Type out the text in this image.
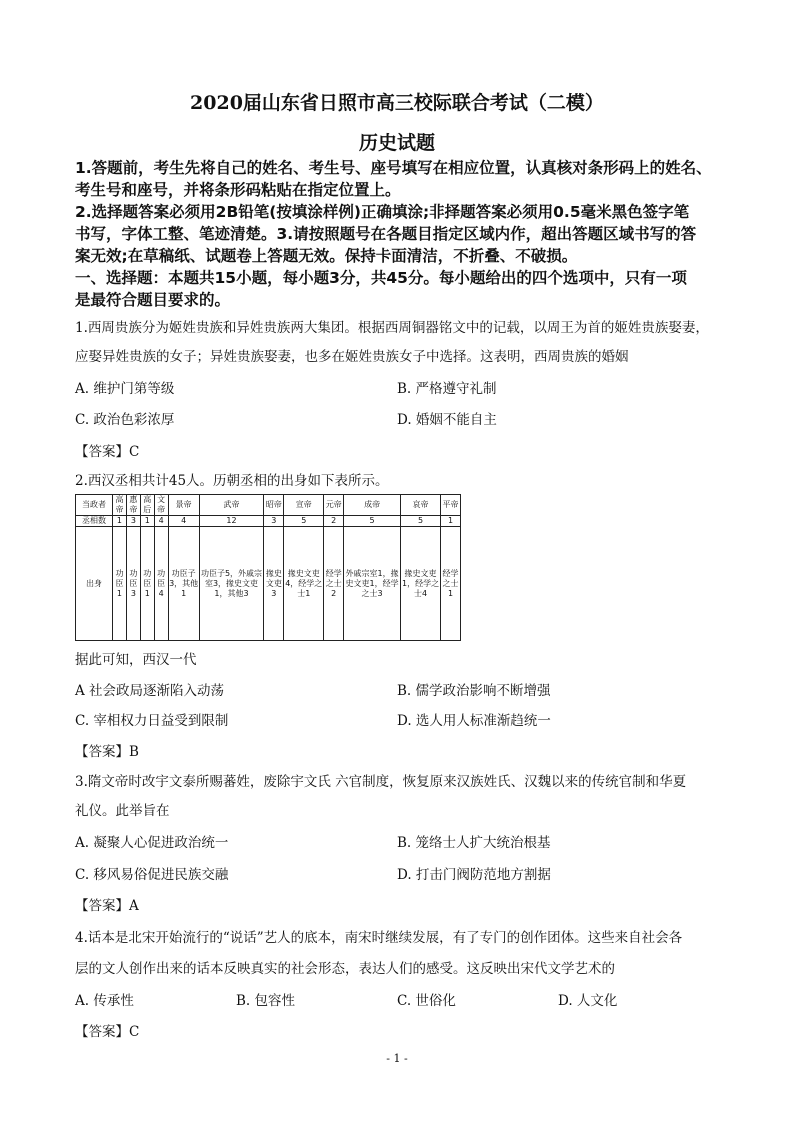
2020届山东省日照市高三校际联合考试（二模）
历史试题
1.答题前，考生先将自己的姓名、考生号、座号填写在相应位置，认真核对条形码上的姓名、
考生号和座号，并将条形码粘贴在指定位置上。
2.选择题答案必须用2B铅笔(按填涂样例)正确填涂;非择题答案必须用0.5毫米黑色签字笔
书写，字体工整、笔迹清楚。3.请按照题号在各题目指定区域内作，超出答题区域书写的答
案无效;在草稿纸、试题卷上答题无效。保持卡面清洁，不折叠、不破损。
一、选择题：本题共15小题，每小题3分，共45分。每小题给出的四个选项中，只有一项
是最符合题目要求的。
1.西周贵族分为姬姓贵族和异姓贵族两大集团。根据西周铜器铭文中的记载，以周王为首的姬姓贵族娶妻，
应娶异姓贵族的女子；异姓贵族娶妻，也多在姬姓贵族女子中选择。这表明，西周贵族的婚姻
A. 维护门第等级	B. 严格遵守礼制
C. 政治色彩浓厚	D. 婚姻不能自主
【答案】C
2.西汉丞相共计45人。历朝丞相的出身如下表所示。
当政者	高帝	惠帝	高后	文帝	景帝	武帝	昭帝	宣帝	元帝	成帝	哀帝	平帝
丞相数	1	3	1	4	4	12	3	5	2	5	5	1
出身	功臣1	功臣3	功臣1	功臣4	功臣子3，其他1	功臣子5，外戚宗室3，掾史文吏1，其他3	掾史文吏3	掾史文吏4，经学之士1	经学之士2	外戚宗室1，掾史文吏1，经学之士3	掾史文吏1，经学之士4	经学之士1
据此可知，西汉一代
A 社会政局逐渐陷入动荡	B. 儒学政治影响不断增强
C. 宰相权力日益受到限制	D. 选人用人标准渐趋统一
【答案】B
3.隋文帝时改宇文泰所赐蕃姓，废除宇文氏 六官制度，恢复原来汉族姓氏、汉魏以来的传统官制和华夏
礼仪。此举旨在
A. 凝聚人心促进政治统一	B. 笼络士人扩大统治根基
C. 移风易俗促进民族交融	D. 打击门阀防范地方割据
【答案】A
4.话本是北宋开始流行的“说话”艺人的底本，南宋时继续发展，有了专门的创作团体。这些来自社会各
层的文人创作出来的话本反映真实的社会形态，表达人们的感受。这反映出宋代文学艺术的
A. 传承性	B. 包容性	C. 世俗化	D. 人文化
【答案】C
- 1 -
